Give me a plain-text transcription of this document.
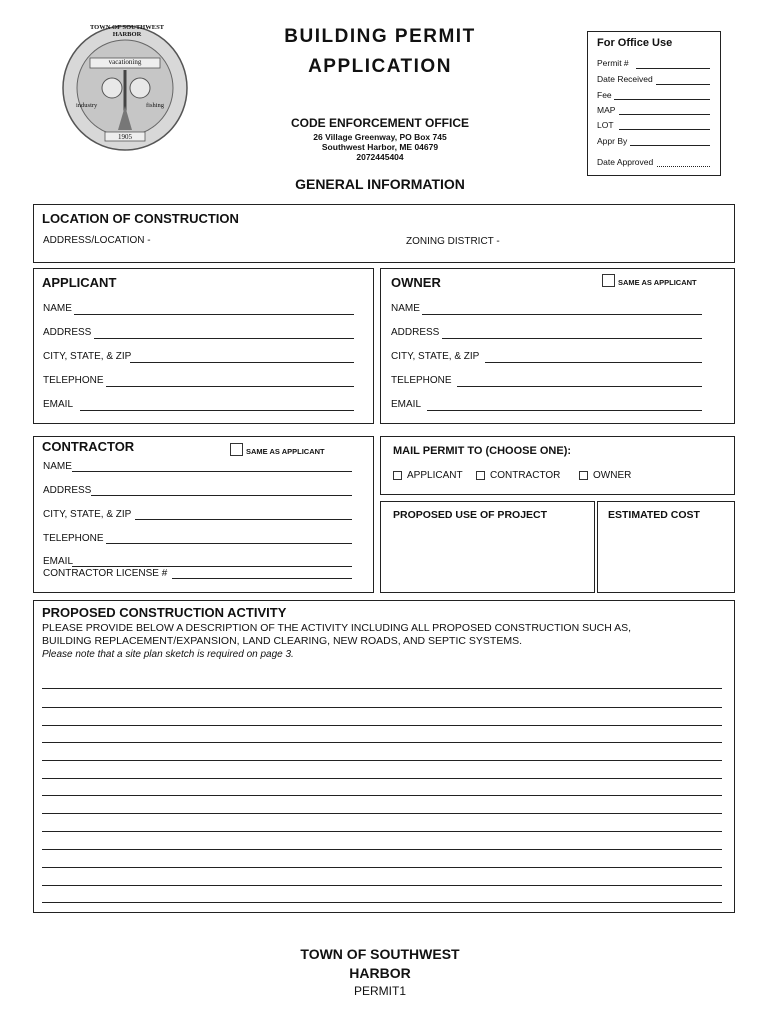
TOWN OF SOUTHWEST HARBOR
vacationing
industry	fishing
1905
BUILDING PERMIT
APPLICATION
CODE ENFORCEMENT OFFICE
26 Village Greenway, PO Box 745
Southwest Harbor, ME 04679
2072445404
GENERAL INFORMATION
For Office Use
Permit #
Date Received
Fee
MAP
LOT
Appr By
Date Approved
LOCATION OF CONSTRUCTION
ADDRESS/LOCATION -	ZONING DISTRICT -
APPLICANT
NAME
ADDRESS
CITY, STATE, & ZIP
TELEPHONE
EMAIL
OWNER	SAME AS APPLICANT
NAME
ADDRESS
CITY, STATE, & ZIP
TELEPHONE
EMAIL
CONTRACTOR	SAME AS APPLICANT
NAME
ADDRESS
CITY, STATE, & ZIP
TELEPHONE
EMAIL
CONTRACTOR LICENSE #
MAIL PERMIT TO (CHOOSE ONE):
APPLICANT	CONTRACTOR	OWNER
PROPOSED USE OF PROJECT	ESTIMATED COST
PROPOSED CONSTRUCTION ACTIVITY
PLEASE PROVIDE BELOW A DESCRIPTION OF THE ACTIVITY INCLUDING ALL PROPOSED CONSTRUCTION SUCH AS,
BUILDING REPLACEMENT/EXPANSION, LAND CLEARING, NEW ROADS, AND SEPTIC SYSTEMS.
Please note that a site plan sketch is required on page 3.
TOWN OF SOUTHWEST
HARBOR
PERMIT1
